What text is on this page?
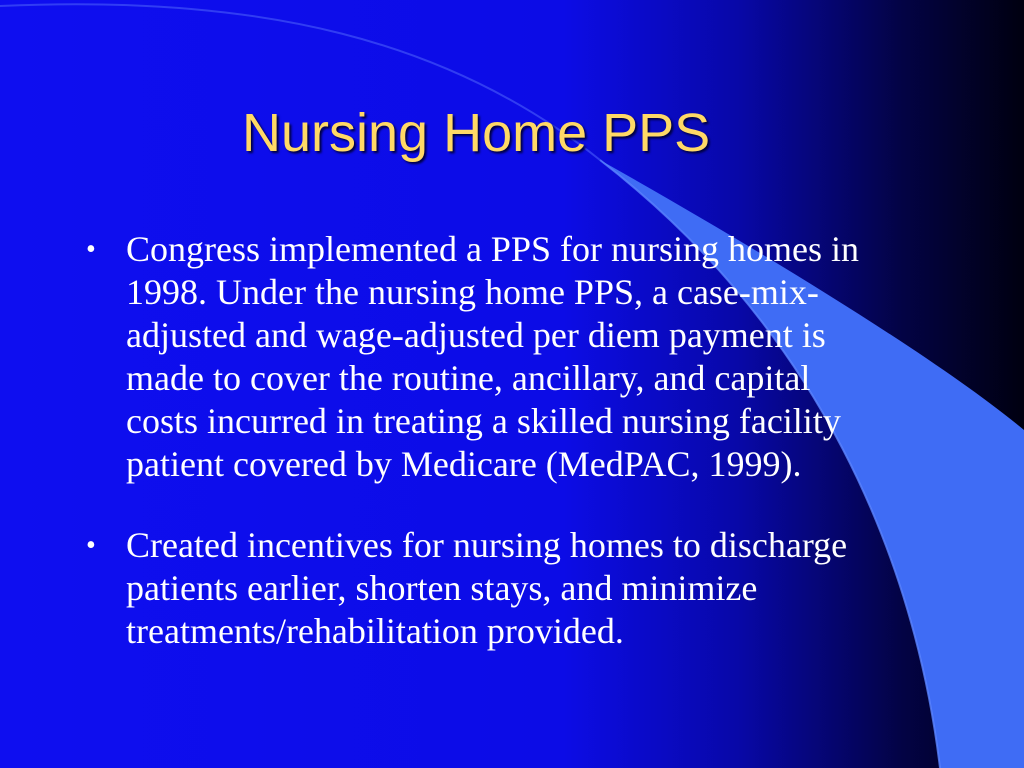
Nursing Home PPS
• Congress implemented a PPS for nursing homes in
1998. Under the nursing home PPS, a case-mix-
adjusted and wage-adjusted per diem payment is
made to cover the routine, ancillary, and capital
costs incurred in treating a skilled nursing facility
patient covered by Medicare (MedPAC, 1999).
• Created incentives for nursing homes to discharge
patients earlier, shorten stays, and minimize
treatments/rehabilitation provided.
